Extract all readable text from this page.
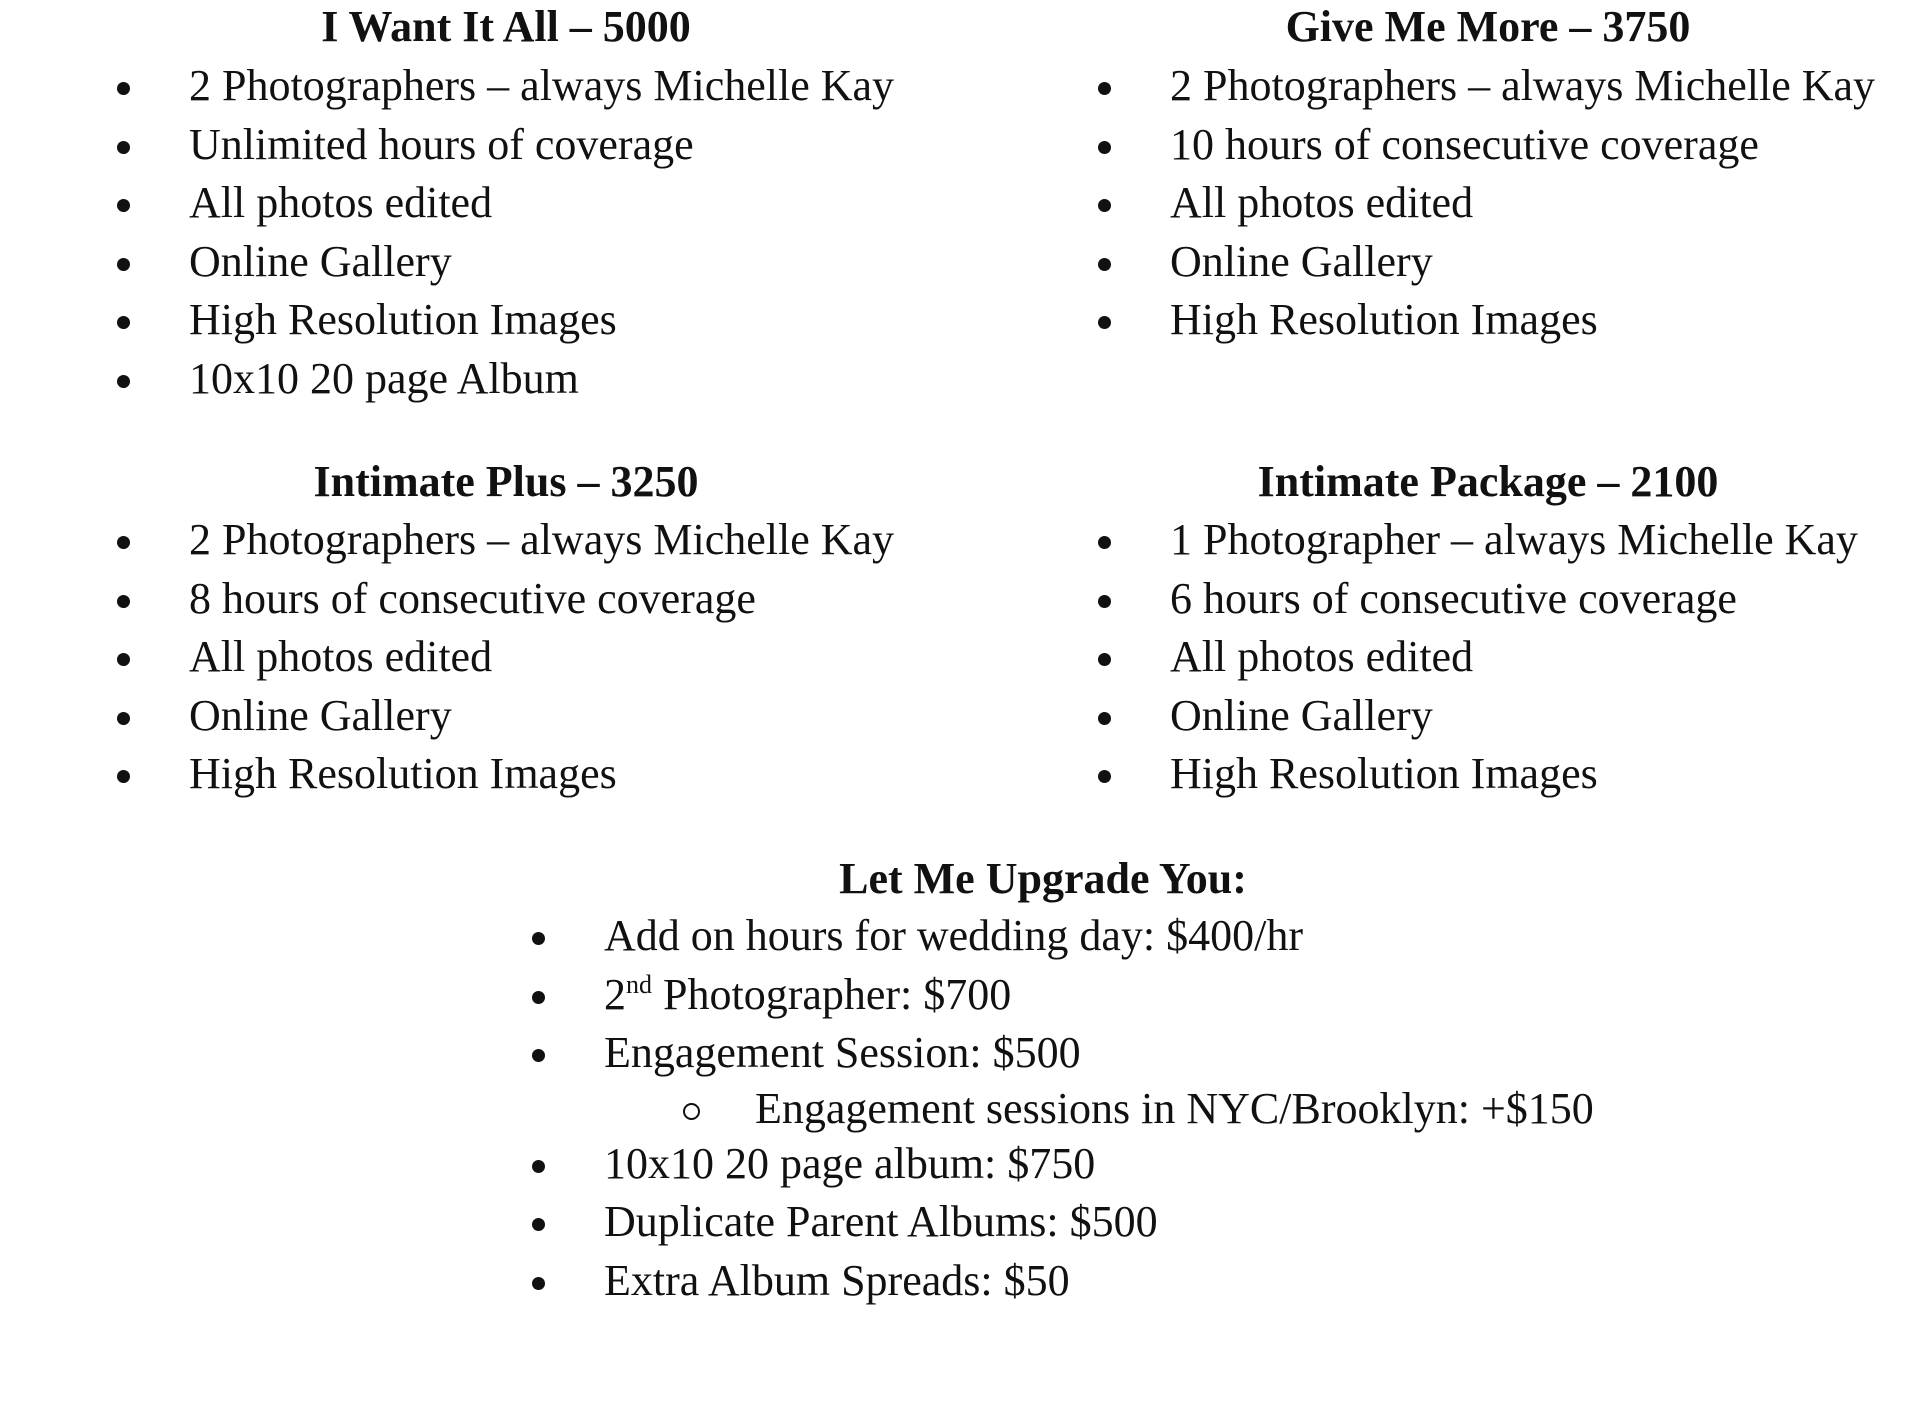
I Want It All – 5000
2 Photographers – always Michelle Kay
Unlimited hours of coverage
All photos edited
Online Gallery
High Resolution Images
10x10 20 page Album
Give Me More – 3750
2 Photographers – always Michelle Kay
10 hours of consecutive coverage
All photos edited
Online Gallery
High Resolution Images
Intimate Plus – 3250
2 Photographers – always Michelle Kay
8 hours of consecutive coverage
All photos edited
Online Gallery
High Resolution Images
Intimate Package – 2100
1 Photographer – always Michelle Kay
6 hours of consecutive coverage
All photos edited
Online Gallery
High Resolution Images
Let Me Upgrade You:
Add on hours for wedding day: $400/hr
2nd Photographer: $700
Engagement Session: $500
Engagement sessions in NYC/Brooklyn: +$150
10x10 20 page album: $750
Duplicate Parent Albums: $500
Extra Album Spreads: $50
